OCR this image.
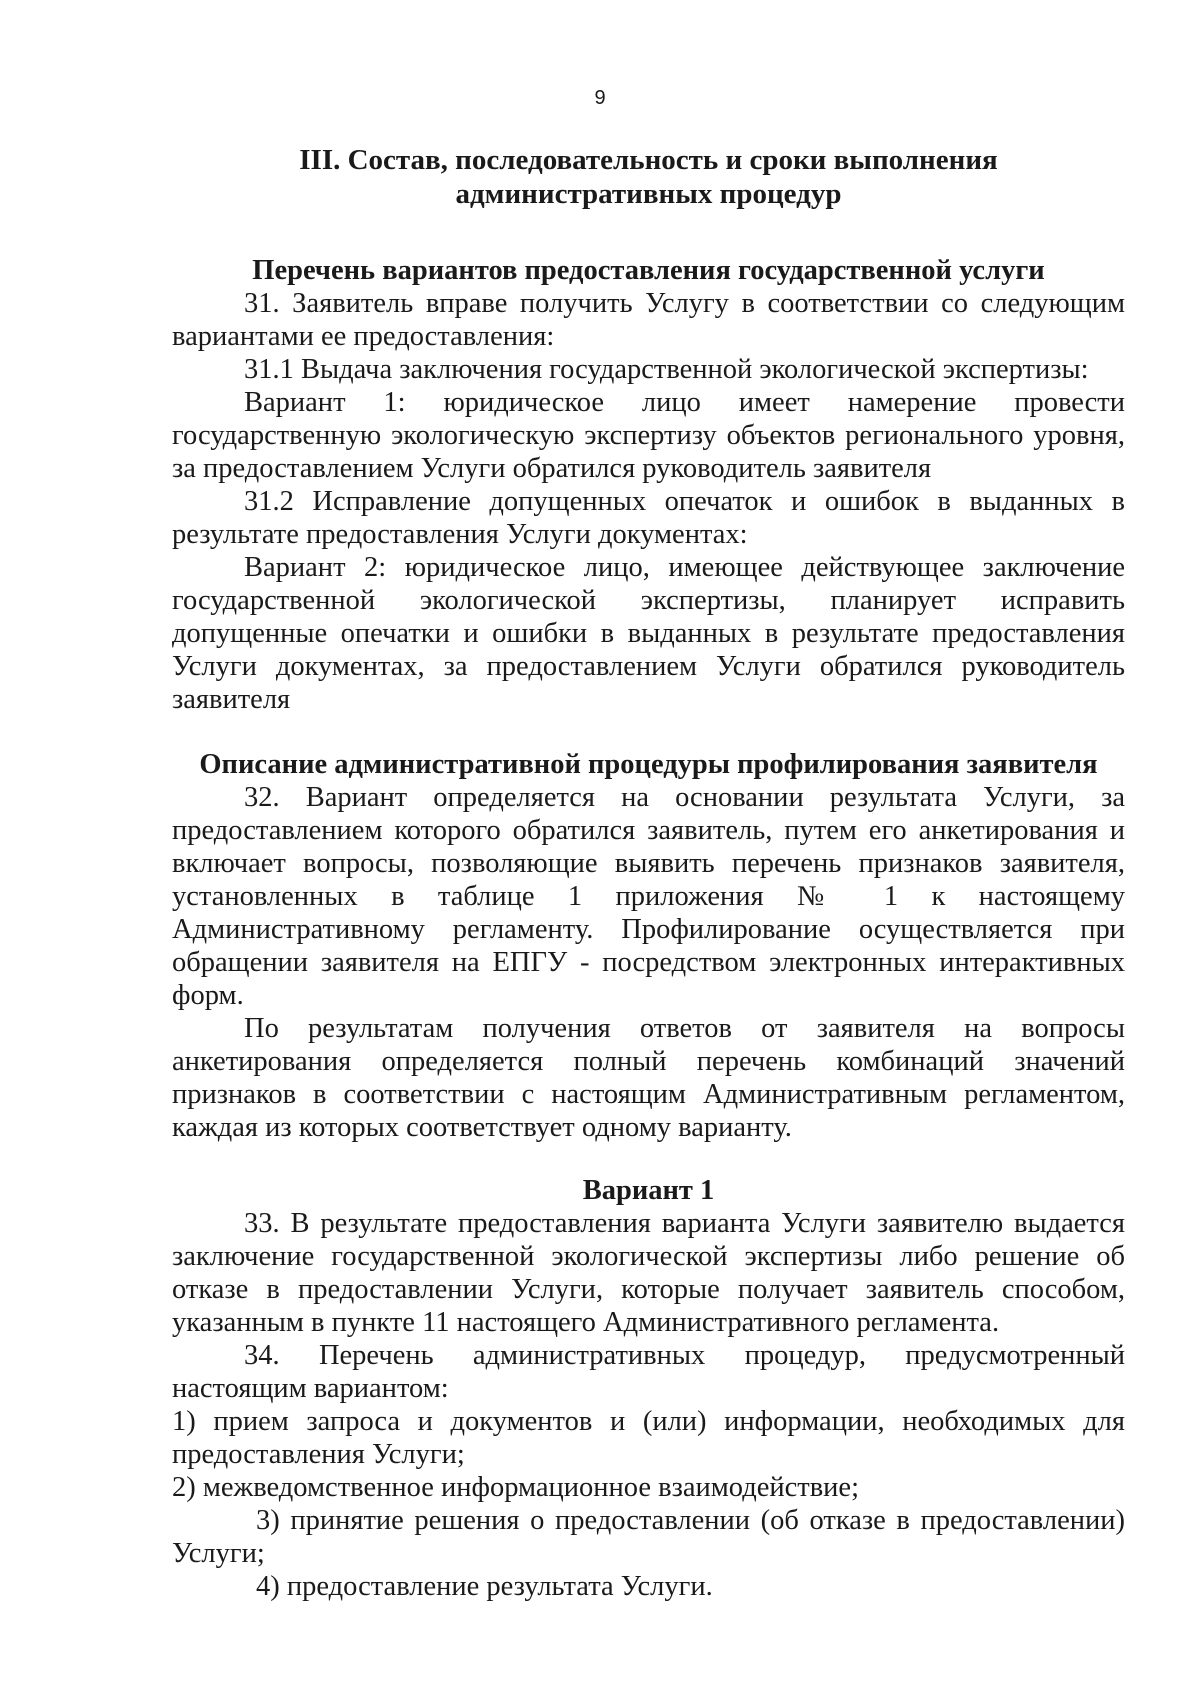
9
III. Состав, последовательность и сроки выполнения административных процедур
Перечень вариантов предоставления государственной услуги

31. Заявитель вправе получить Услугу в соответствии со следующим вариантами ее предоставления:

31.1 Выдача заключения государственной экологической экспертизы:

Вариант 1: юридическое лицо имеет намерение провести государственную экологическую экспертизу объектов регионального уровня, за предоставлением Услуги обратился руководитель заявителя

31.2 Исправление допущенных опечаток и ошибок в выданных в результате предоставления Услуги документах:

Вариант 2: юридическое лицо, имеющее действующее заключение государственной экологической экспертизы, планирует исправить допущенные опечатки и ошибки в выданных в результате предоставления Услуги документах, за предоставлением Услуги обратился руководитель заявителя

Описание административной процедуры профилирования заявителя

32. Вариант определяется на основании результата Услуги, за предоставлением которого обратился заявитель, путем его анкетирования и включает вопросы, позволяющие выявить перечень признаков заявителя, установленных в таблице 1 приложения № 1 к настоящему Административному регламенту. Профилирование осуществляется при обращении заявителя на ЕПГУ - посредством электронных интерактивных форм.

По результатам получения ответов от заявителя на вопросы анкетирования определяется полный перечень комбинаций значений признаков в соответствии с настоящим Административным регламентом, каждая из которых соответствует одному варианту.

Вариант 1

33. В результате предоставления варианта Услуги заявителю выдается заключение государственной экологической экспертизы либо решение об отказе в предоставлении Услуги, которые получает заявитель способом, указанным в пункте 11 настоящего Административного регламента.

34. Перечень административных процедур, предусмотренный настоящим вариантом:

1) прием запроса и документов и (или) информации, необходимых для предоставления Услуги;

2) межведомственное информационное взаимодействие;

3) принятие решения о предоставлении (об отказе в предоставлении) Услуги;

4) предоставление результата Услуги.
